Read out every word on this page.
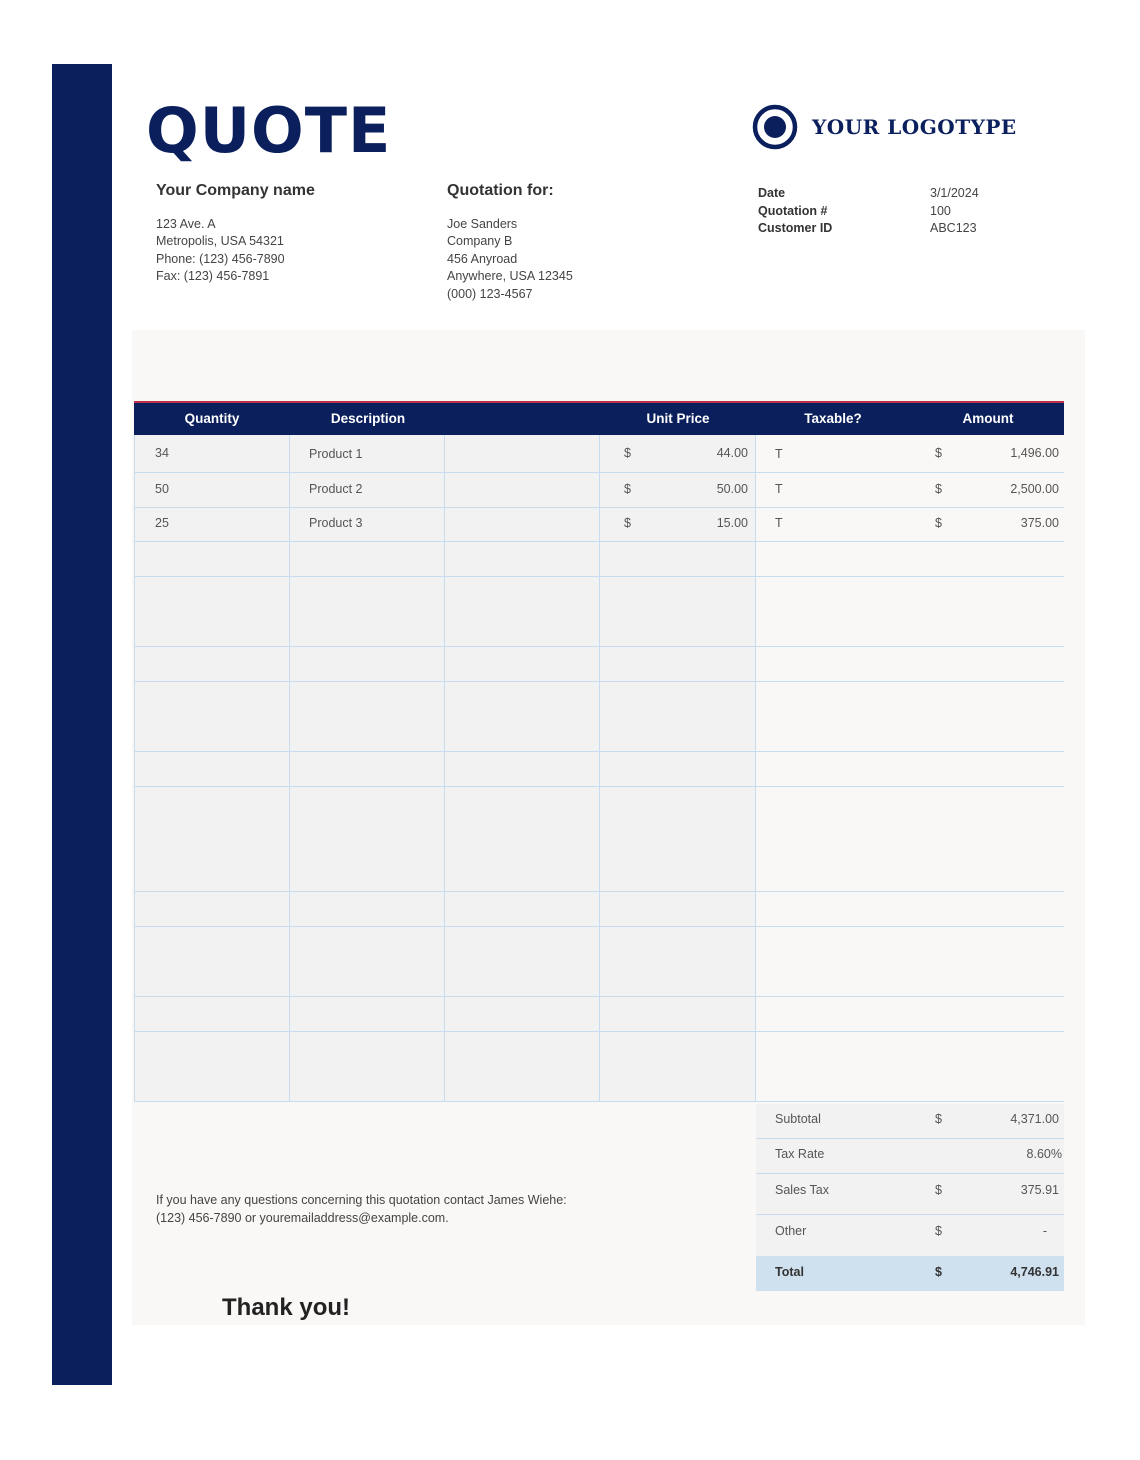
QUOTE	YOUR LOGOTYPE
Your Company name
123 Ave. A
Metropolis, USA 54321
Phone: (123) 456-7890
Fax: (123) 456-7891
Quotation for:
Joe Sanders
Company B
456 Anyroad
Anywhere, USA 12345
(000) 123-4567
Date	3/1/2024
Quotation #	100
Customer ID	ABC123
Quantity	Description	Unit Price	Taxable?	Amount
34	Product 1	$	44.00 T	$	1,496.00
50	Product 2	$	50.00 T	$	2,500.00
25	Product 3	$	15.00 T	$	375.00
Subtotal	$	4,371.00
Tax Rate	8.60%
Sales Tax	$	375.91
Other	$	-
Total	$	4,746.91
If you have any questions concerning this quotation contact James Wiehe:
(123) 456-7890 or youremailaddress@example.com.
Thank you!
